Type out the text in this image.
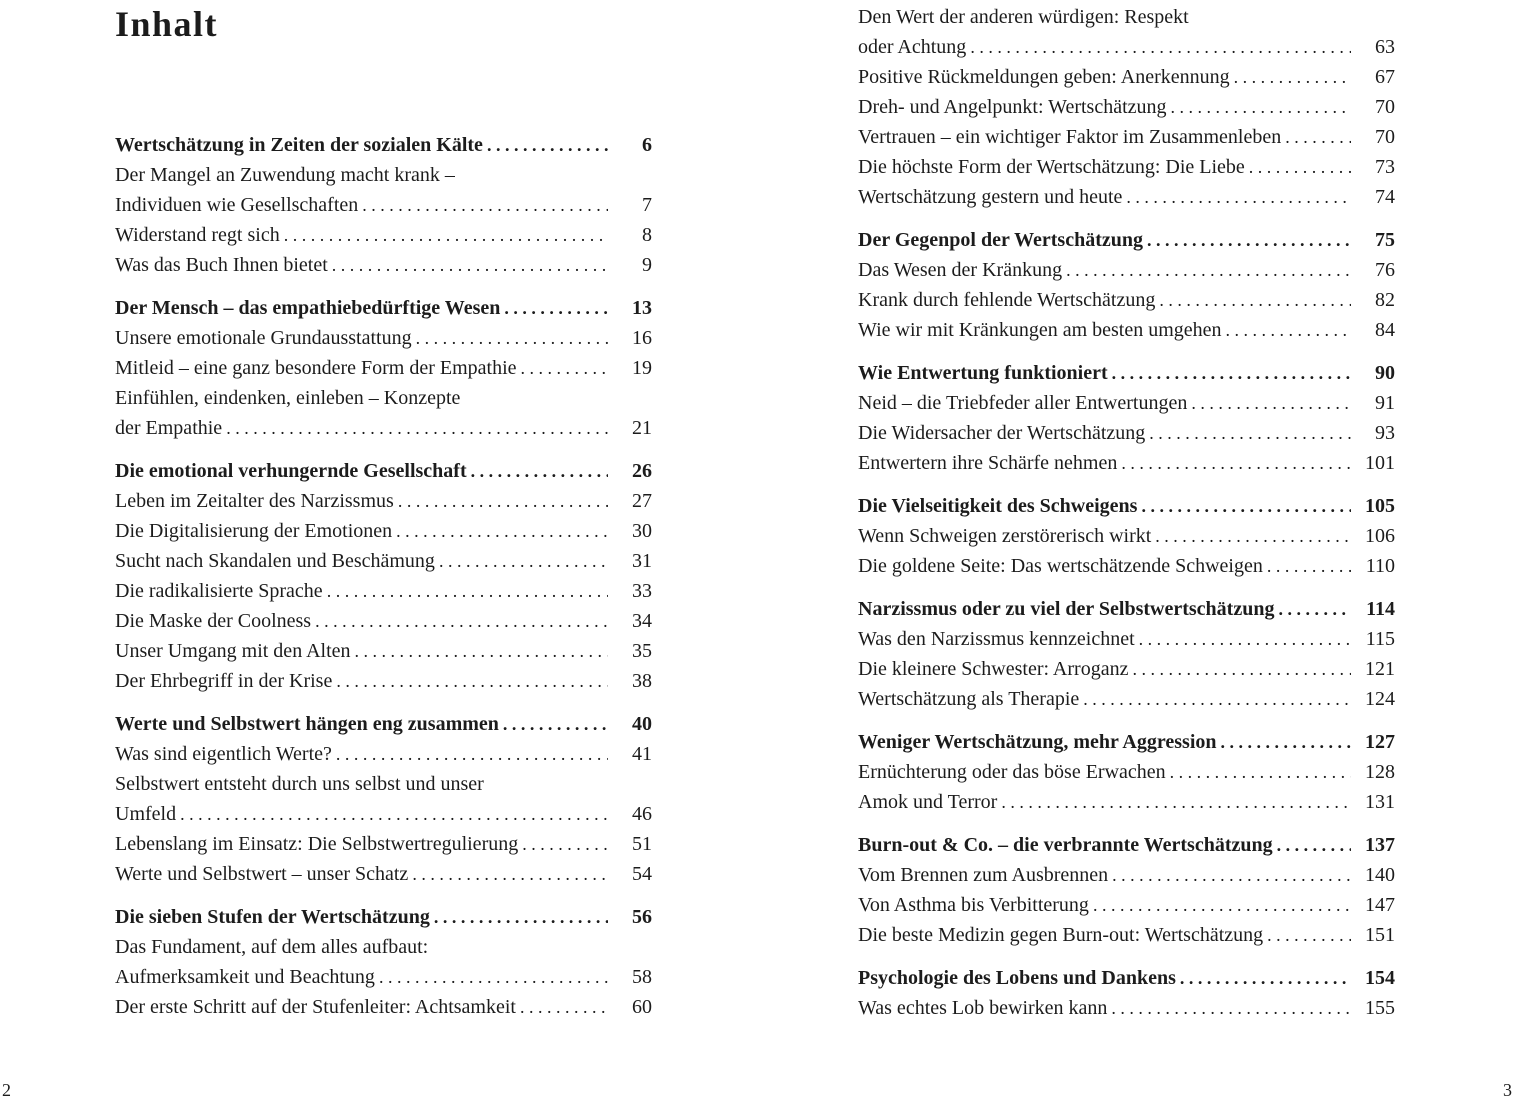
Inhalt
Wertschätzung in Zeiten der sozialen Kälte . . .	6
Der Mangel an Zuwendung macht krank –
Individuen wie Gesellschaften . . .	7
Widerstand regt sich . . .	8
Was das Buch Ihnen bietet . . .	9
Der Mensch – das empathiebedürftige Wesen . . .	13
Unsere emotionale Grundausstattung . . .	16
Mitleid – eine ganz besondere Form der Empathie . . .	19
Einfühlen, eindenken, einleben – Konzepte
der Empathie . . .	21
Die emotional verhungernde Gesellschaft . . .	26
Leben im Zeitalter des Narzissmus . . .	27
Die Digitalisierung der Emotionen . . .	30
Sucht nach Skandalen und Beschämung . . .	31
Die radikalisierte Sprache . . .	33
Die Maske der Coolness . . .	34
Unser Umgang mit den Alten . . .	35
Der Ehrbegriff in der Krise . . .	38
Werte und Selbstwert hängen eng zusammen . . .	40
Was sind eigentlich Werte? . . .	41
Selbstwert entsteht durch uns selbst und unser
Umfeld . . .	46
Lebenslang im Einsatz: Die Selbstwertregulierung . . .	51
Werte und Selbstwert – unser Schatz . . .	54
Die sieben Stufen der Wertschätzung . . .	56
Das Fundament, auf dem alles aufbaut:
Aufmerksamkeit und Beachtung . . .	58
Der erste Schritt auf der Stufenleiter: Achtsamkeit . . .	60
Den Wert der anderen würdigen: Respekt
oder Achtung . . .	63
Positive Rückmeldungen geben: Anerkennung . . .	67
Dreh- und Angelpunkt: Wertschätzung . . .	70
Vertrauen – ein wichtiger Faktor im Zusammenleben . . .	70
Die höchste Form der Wertschätzung: Die Liebe . . .	73
Wertschätzung gestern und heute . . .	74
Der Gegenpol der Wertschätzung . . .	75
Das Wesen der Kränkung . . .	76
Krank durch fehlende Wertschätzung . . .	82
Wie wir mit Kränkungen am besten umgehen . . .	84
Wie Entwertung funktioniert . . .	90
Neid – die Triebfeder aller Entwertungen . . .	91
Die Widersacher der Wertschätzung . . .	93
Entwertern ihre Schärfe nehmen . . .	101
Die Vielseitigkeit des Schweigens . . .	105
Wenn Schweigen zerstörerisch wirkt . . .	106
Die goldene Seite: Das wertschätzende Schweigen . . .	110
Narzissmus oder zu viel der Selbstwertschätzung . . .	114
Was den Narzissmus kennzeichnet . . .	115
Die kleinere Schwester: Arroganz . . .	121
Wertschätzung als Therapie . . .	124
Weniger Wertschätzung, mehr Aggression . . .	127
Ernüchterung oder das böse Erwachen . . .	128
Amok und Terror . . .	131
Burn-out & Co. – die verbrannte Wertschätzung . . .	137
Vom Brennen zum Ausbrennen . . .	140
Von Asthma bis Verbitterung . . .	147
Die beste Medizin gegen Burn-out: Wertschätzung . . .	151
Psychologie des Lobens und Dankens . . .	154
Was echtes Lob bewirken kann . . .	155
2	3
